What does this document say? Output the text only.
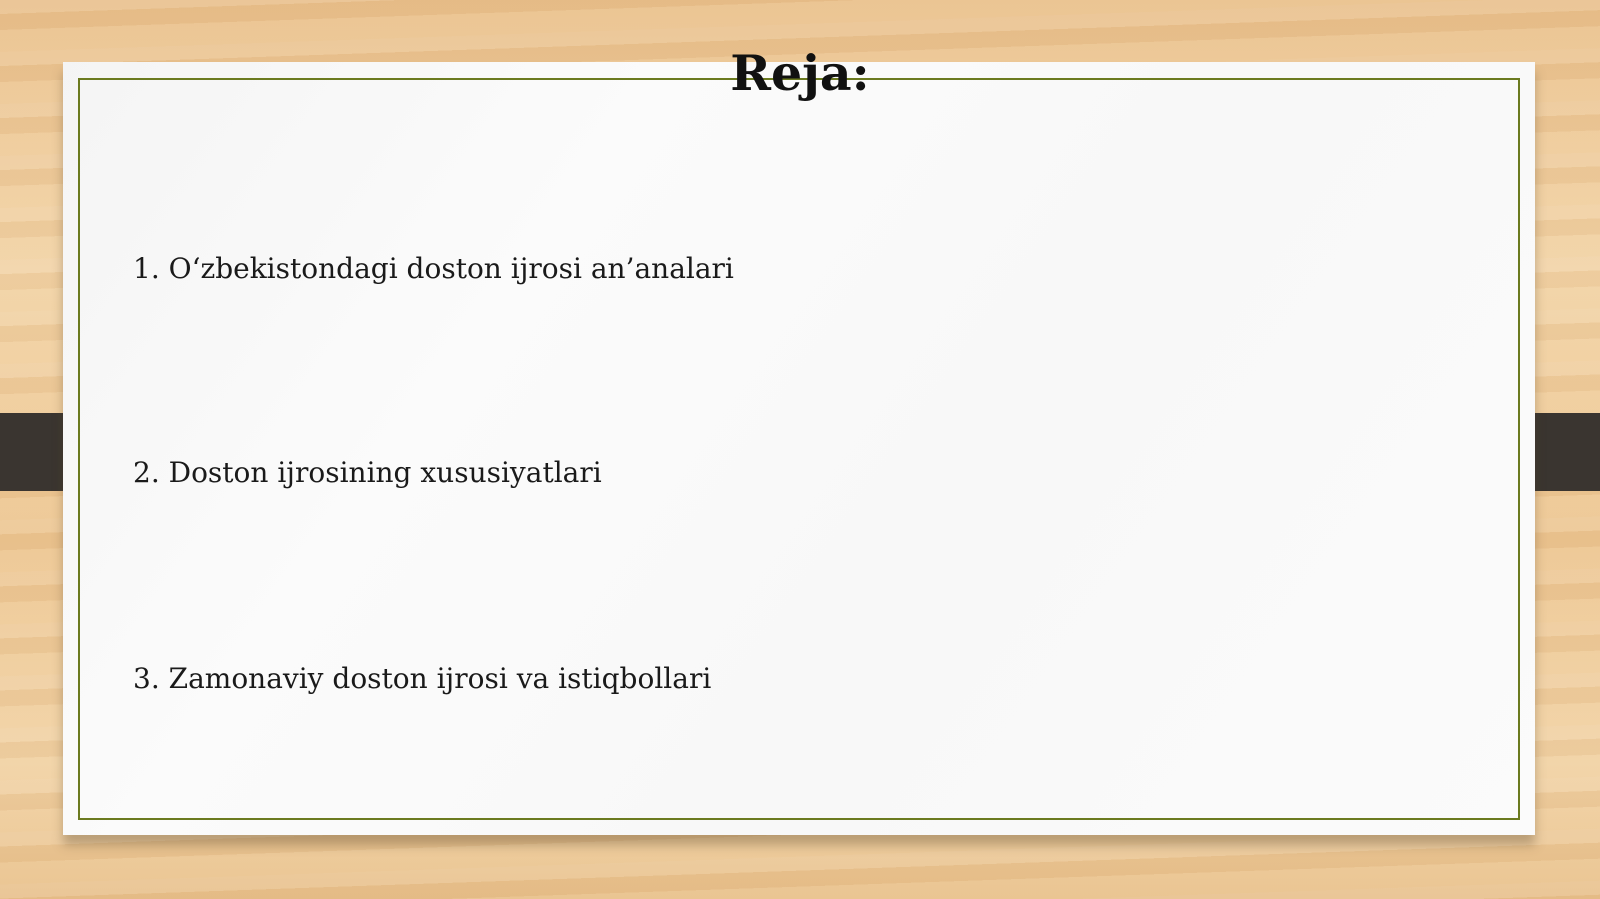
Reja:
1. O‘zbekistondagi doston ijrosi an’analari
2. Doston ijrosining xususiyatlari
3. Zamonaviy doston ijrosi va istiqbollari
